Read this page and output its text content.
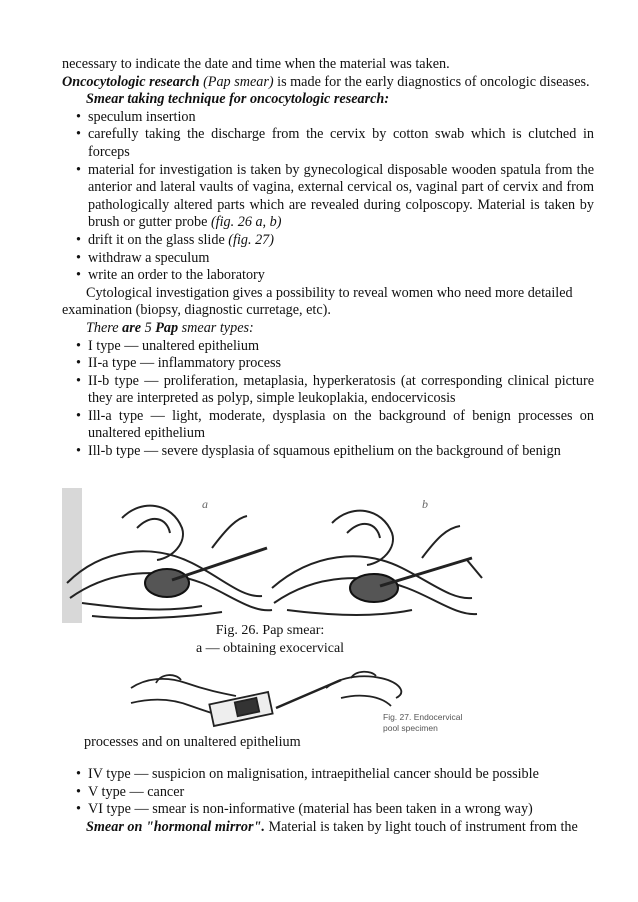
necessary to indicate the date and time when the material was taken.

Oncocytologic research (Pap smear) is made for the early diagnostics of oncologic diseases.

Smear taking technique for oncocytologic research:

• speculum insertion
• carefully taking the discharge from the cervix by cotton swab which is clutched in forceps
• material for investigation is taken by gynecological disposable wooden spatula from the anterior and lateral vaults of vagina, external cervical os, vaginal part of cervix and from pathologically altered parts which are revealed during colposcopy. Material is taken by brush or gutter probe (fig. 26 a, b)
• drift it on the glass slide (fig. 27)
• withdraw a speculum
• write an order to the laboratory

Cytological investigation gives a possibility to reveal women who need more detailed examination (biopsy, diagnostic curretage, etc).

There are 5 Pap smear types:

• I type — unaltered epithelium
• II-a type — inflammatory process
• II-b type — proliferation, metaplasia, hyperkeratosis (at corresponding clinical picture they are interpreted as polyp, simple leukoplakia, endocervicosis
• Ill-a type — light, moderate, dysplasia on the background of benign processes on unaltered epithelium
• Ill-b type — severe dysplasia of squamous epithelium on the background of benign
a	b
Fig. 26. Pap smear:
a — obtaining exocervical
Fig. 27. Endocervical
pool specimen

processes and on unaltered epithelium

• IV type — suspicion on malignisation, intraepithelial cancer should be possible
• V type — cancer
• VI type — smear is non-informative (material has been taken in a wrong way)

Smear on "hormonal mirror". Material is taken by light touch of instrument from the
